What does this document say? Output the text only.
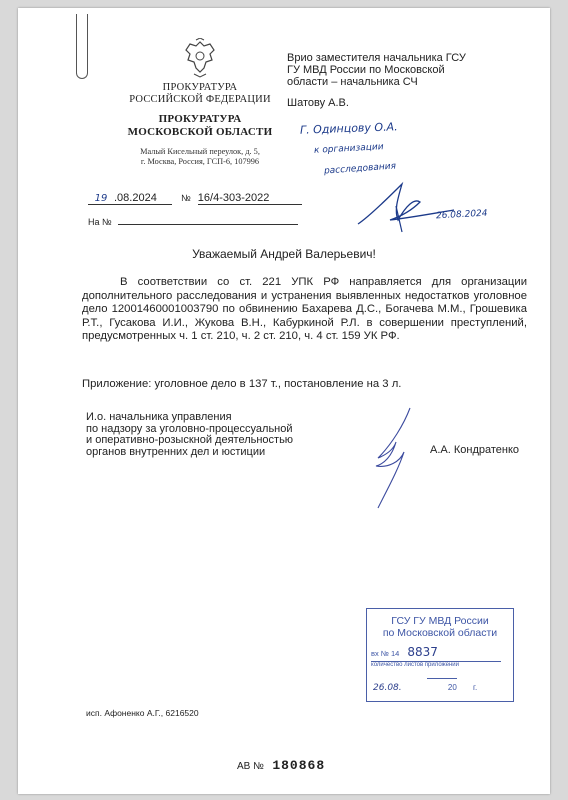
ПРОКУРАТУРА
РОССИЙСКОЙ ФЕДЕРАЦИИ
ПРОКУРАТУРА
МОСКОВСКОЙ ОБЛАСТИ
Малый Кисельный переулок, д. 5,
г. Москва, Россия, ГСП-6, 107996
Врио заместителя начальника ГСУ
ГУ МВД России по Московской
области – начальника СЧ
Шатову А.В.
Г. Одинцову О.А.
к организации
расследования
26.08.2024
19 .08.2024	№ 16/4-303-2022
На №
Уважаемый Андрей Валерьевич!
В соответствии со ст. 221 УПК РФ направляется для организации дополнительного расследования и устранения выявленных недостатков уголовное дело 12001460001003790 по обвинению Бахарева Д.С., Богачева М.М., Грошевика Р.Т., Гусакова И.И., Жукова В.Н., Кабуркиной Р.Л. в совершении преступлений, предусмотренных ч. 1 ст. 210, ч. 2 ст. 210, ч. 4 ст. 159 УК РФ.
Приложение: уголовное дело в 137 т., постановление на 3 л.
И.о. начальника управления
по надзору за уголовно-процессуальной
и оперативно-розыскной деятельностью
органов внутренних дел и юстиции	А.А. Кондратенко
ГСУ ГУ МВД России
по Московской области
вх № 14 8837
количество листов приложений
26.08.	20 г.
исп. Афоненко А.Г., 6216520
АВ № 180868
